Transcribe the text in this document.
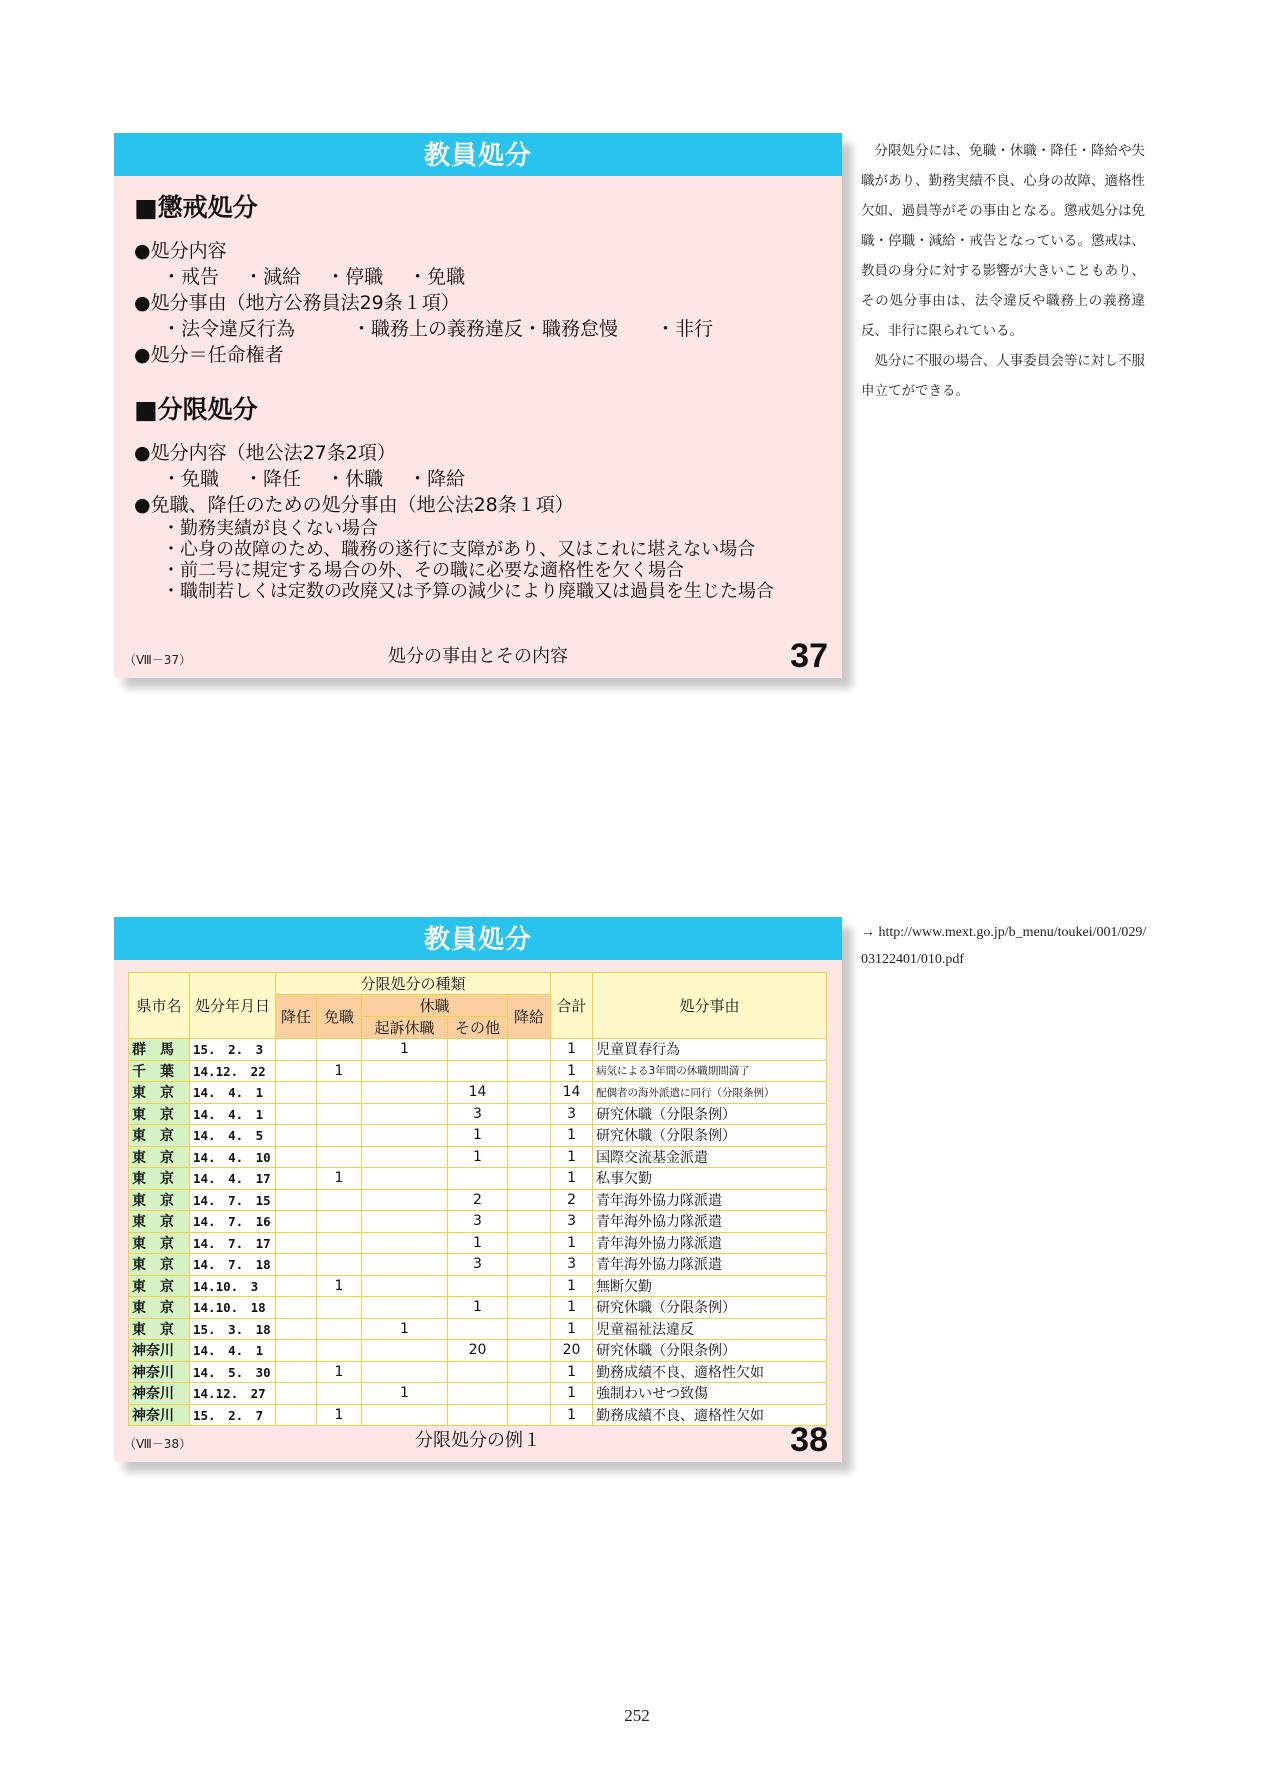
教員処分
■懲戒処分
●処分内容
・戒告　 ・減給　 ・停職　 ・免職
●処分事由（地方公務員法29条１項）
・法令違反行為　　　・職務上の義務違反・職務怠慢　　・非行
●処分＝任命権者
■分限処分
●処分内容（地公法27条2項）
・免職　 ・降任　 ・休職　 ・降給
●免職、降任のための処分事由（地公法28条１項）
・勤務実績が良くない場合
・心身の故障のため、職務の遂行に支障があり、又はこれに堪えない場合
・前二号に規定する場合の外、その職に必要な適格性を欠く場合
・職制若しくは定数の改廃又は予算の減少により廃職又は過員を生じた場合
（Ⅷ－37）	処分の事由とその内容	37

分限処分には、免職・休職・降任・降給や失職があり、勤務実績不良、心身の故障、適格性欠如、過員等がその事由となる。懲戒処分は免職・停職・減給・戒告となっている。懲戒は、教員の身分に対する影響が大きいこともあり、その処分事由は、法令違反や職務上の義務違反、非行に限られている。

処分に不服の場合、人事委員会等に対し不服申立てができる。

教員処分
県市名	処分年月日	分限処分の種類					合計	処分事由
		降任	免職	休職		降給		
				起訴休職	その他			
群　馬	15.　2.　3			1			1	児童買春行為
千　葉	14.12.　22		1				1	病気による3年間の休職期間満了
東　京	14.　4.　1				14		14	配偶者の海外派遣に同行（分限条例）
東　京	14.　4.　1				3		3	研究休職（分限条例）
東　京	14.　4.　5				1		1	研究休職（分限条例）
東　京	14.　4.　10				1		1	国際交流基金派遣
東　京	14.　4.　17		1				1	私事欠勤
東　京	14.　7.　15				2		2	青年海外協力隊派遣
東　京	14.　7.　16				3		3	青年海外協力隊派遣
東　京	14.　7.　17				1		1	青年海外協力隊派遣
東　京	14.　7.　18				3		3	青年海外協力隊派遣
東　京	14.10.　3		1				1	無断欠勤
東　京	14.10.　18				1		1	研究休職（分限条例）
東　京	15.　3.　18			1			1	児童福祉法違反
神奈川	14.　4.　1				20		20	研究休職（分限条例）
神奈川	14.　5.　30		1				1	勤務成績不良、適格性欠如
神奈川	14.12.　27			1			1	強制わいせつ致傷
神奈川	15.　2.　7		1				1	勤務成績不良、適格性欠如
（Ⅷ－38）	分限処分の例１	38
→ http://www.mext.go.jp/b_menu/toukei/001/029/03122401/010.pdf
252
